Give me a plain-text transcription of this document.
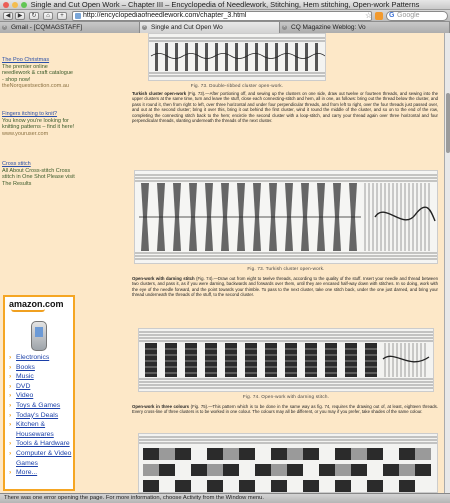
Single and Cut Open Work – Chapter III – Encyclopedia of Needlework, Stitching, Hem stitching, Open-work Patterns
◀	▶	↻	⌂	+	http://encyclopediaofneedlework.com/chapter_3.html	☆ G Google
× Gmail - [CQMAGSTAFF]	× Single and Cut Open Wo	× CQ Magazine Weblog: Vo
The Poo Christmas
The premier online needlework & craft catalogue - shop now!
theNorquestsection.com.au
Fingers itching to knit?
You know you're looking for knitting patterns – find it here!
www.youruser.com
Cross stitch
All About Cross-stitch Cross stitch in One Shot Please visit The Results
amazon.com
› Electronics
› Books
› Music
› DVD
› Video
› Toys & Games
› Today's Deals
› Kitchen & Housewares
› Tools & Hardware
› Computer & Video Games
› More...
Fig. 73. Double-ribbed cluster open-work.
Turkish cluster open-work (Fig. 73).—After portioning off, and sewing up the clusters on one side, draw out twelve or fourteen threads, and sewing into the upper clusters at the same time, turn and leave the stuff, close each connecting-stitch and hem, all in one, as follows: bring out the thread below the cluster, and pass it round it, then from right to left, over three horizontal and under four perpendicular threads, and from left to right, over the four threads just passed over, and out at the second cluster; bring it over this, bring it out behind the first cluster, wind it round the middle of the cluster, and so on to the end of the row, completing the connecting stitch back to the hem; encircle the second cluster with a loop-stitch, and carry your thread again over three horizontal and four perpendicular threads, slanting underneath the threads of the next cluster.
Fig. 73. Turkish cluster open-work.
Open-work with darning stitch (Fig. 74).—Draw out from eight to twelve threads, according to the quality of the stuff. Insert your needle and thread between two clusters, and pass it, as if you were darning, backwards and forwards over them, until they are encased half-way down with stitches. In so doing, work with the eye of the needle forward, and the point towards your thimble. To pass to the next cluster, take one stitch back, under the one just darned, and bring your thread underneath the threads of the stuff, to the second cluster.
Fig. 74. Open-work with darning stitch.
Open-work in three colours (Fig. 75).—This pattern which is to be done in the same way as fig. 74, requires the drawing out of, at least, eighteen threads. Every cross-line of three clusters is to be worked in one colour. The colours may all be different, or you may if you prefer, take shades of the same colour.
There was one error opening the page. For more information, choose Activity from the Window menu.
